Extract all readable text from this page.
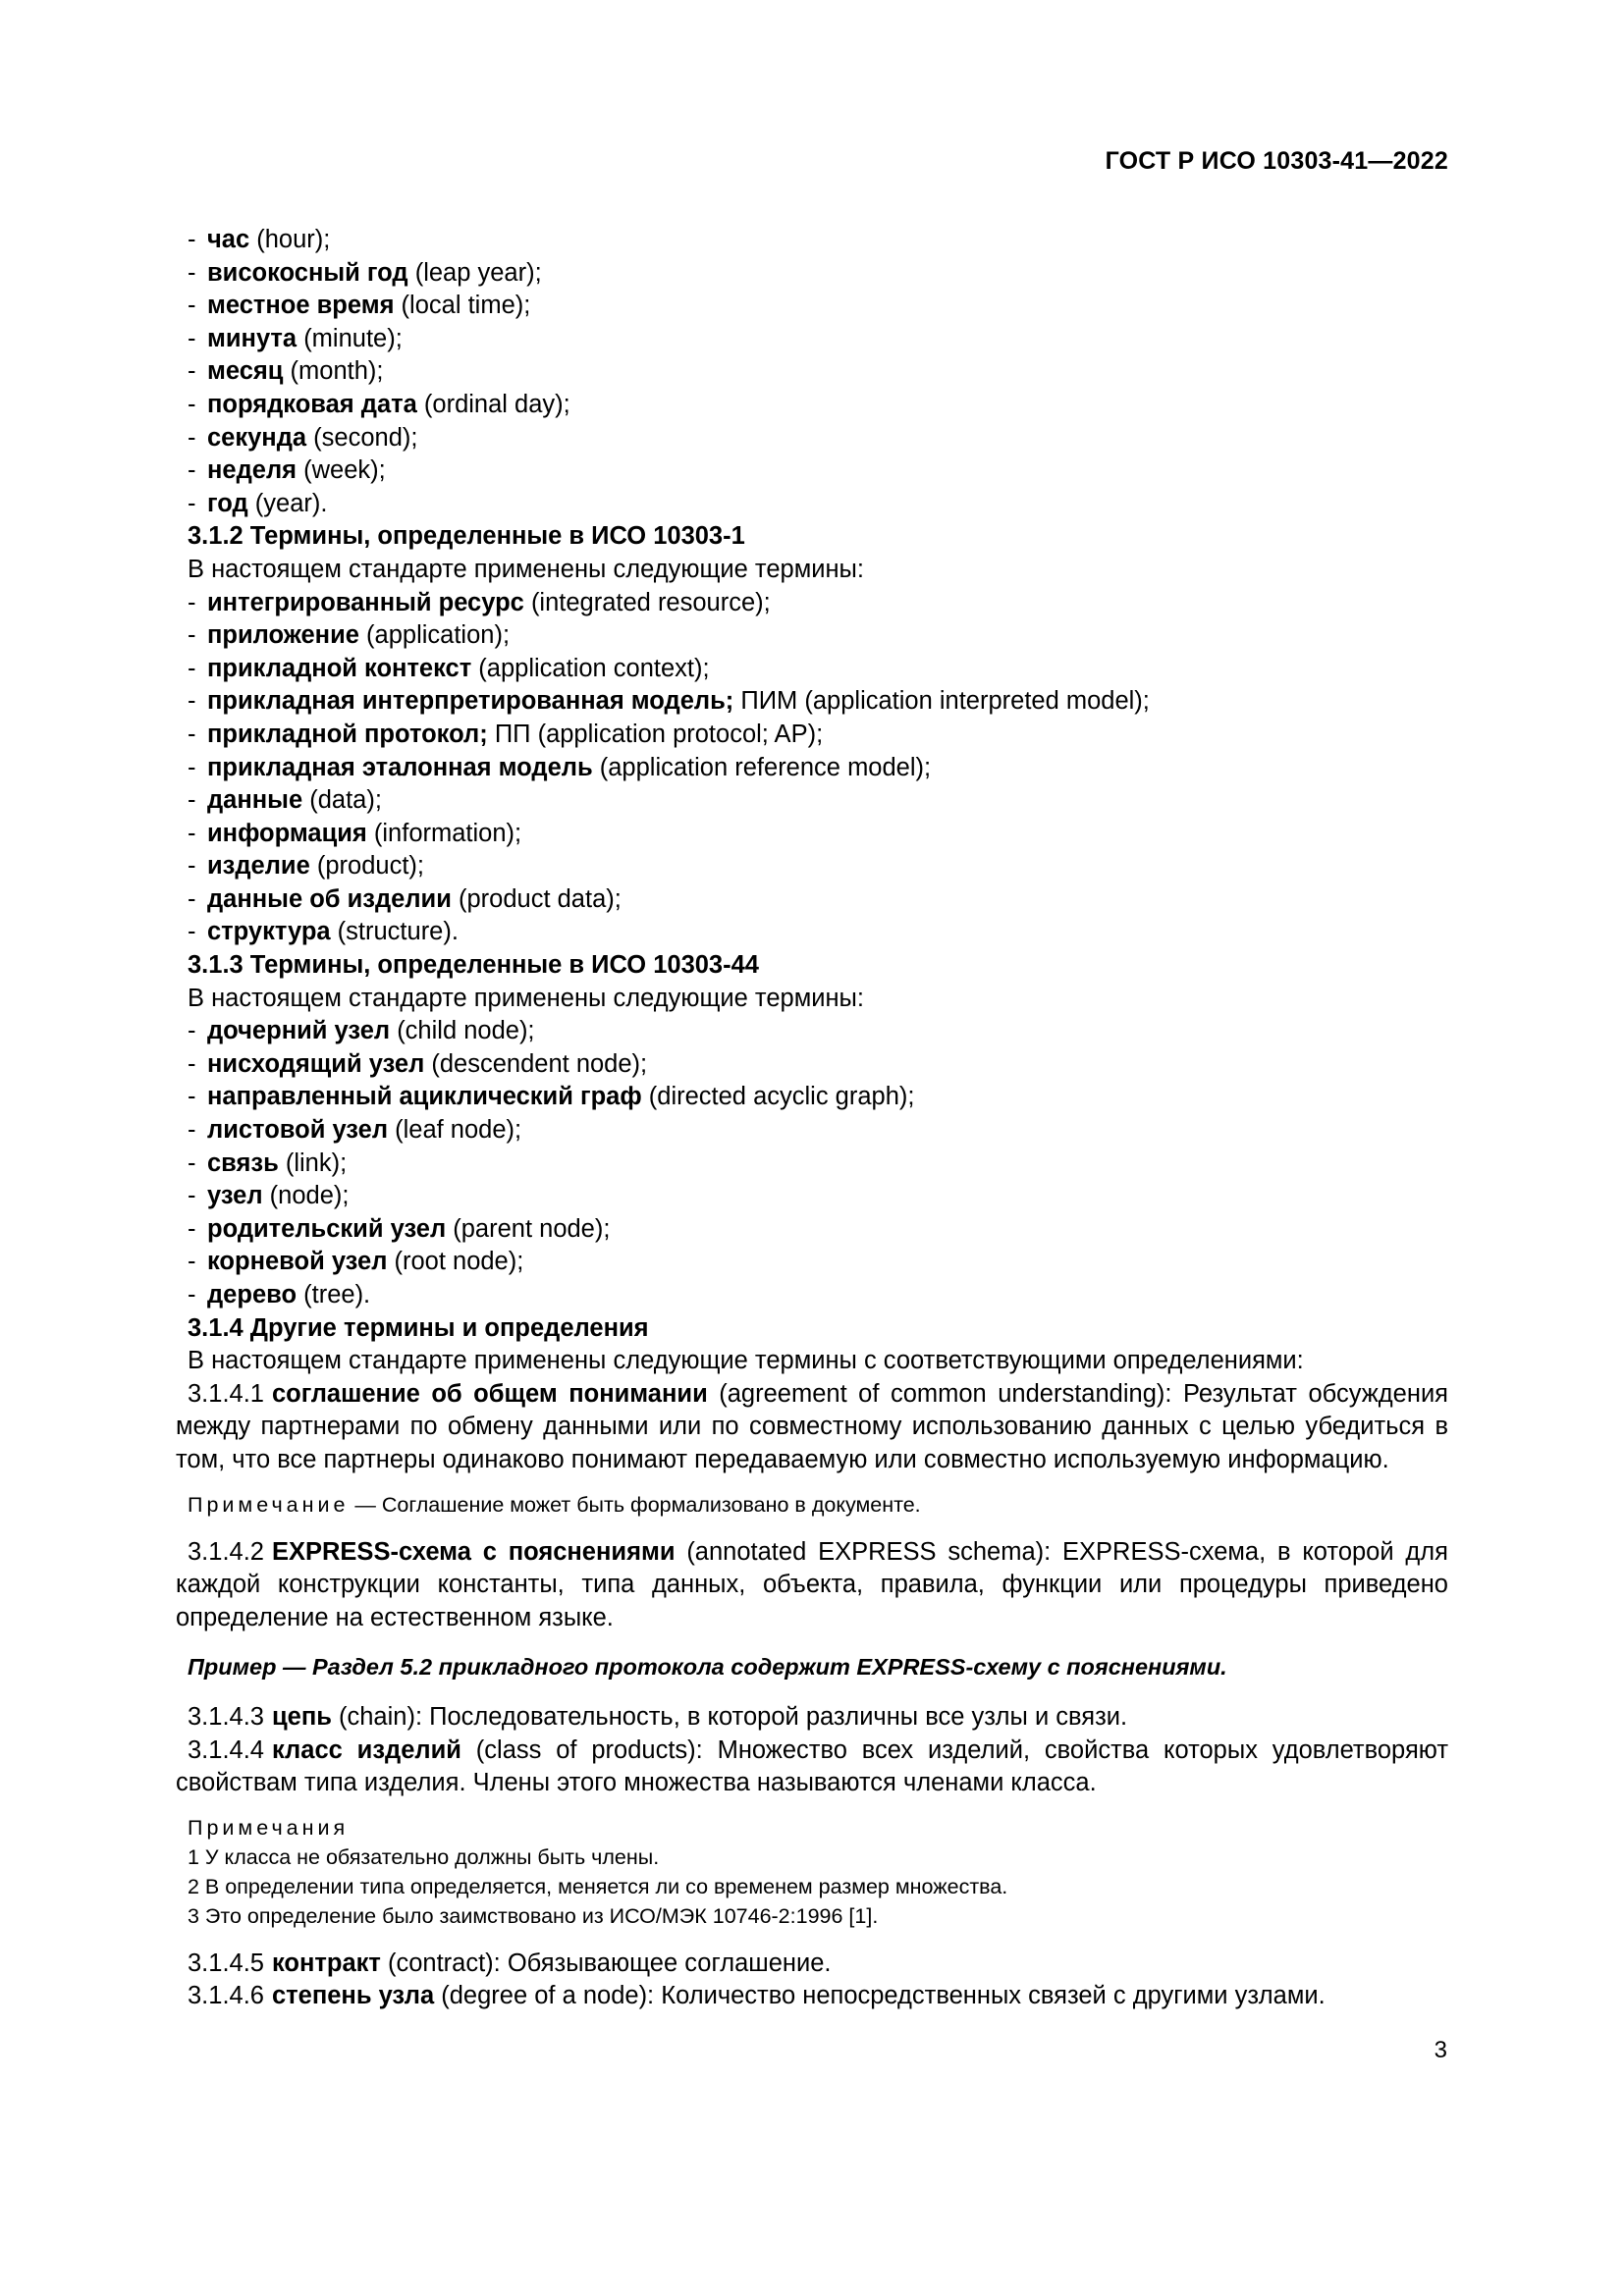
ГОСТ Р ИСО 10303-41—2022
- час (hour);
- високосный год (leap year);
- местное время (local time);
- минута (minute);
- месяц (month);
- порядковая дата (ordinal day);
- секунда (second);
- неделя (week);
- год (year).
3.1.2 Термины, определенные в ИСО 10303-1
В настоящем стандарте применены следующие термины:
- интегрированный ресурс (integrated resource);
- приложение (application);
- прикладной контекст (application context);
- прикладная интерпретированная модель; ПИМ (application interpreted model);
- прикладной протокол; ПП (application protocol; AP);
- прикладная эталонная модель (application reference model);
- данные (data);
- информация (information);
- изделие (product);
- данные об изделии (product data);
- структура (structure).
3.1.3 Термины, определенные в ИСО 10303-44
В настоящем стандарте применены следующие термины:
- дочерний узел (child node);
- нисходящий узел (descendent node);
- направленный ациклический граф (directed acyclic graph);
- листовой узел (leaf node);
- связь (link);
- узел (node);
- родительский узел (parent node);
- корневой узел (root node);
- дерево (tree).
3.1.4 Другие термины и определения
В настоящем стандарте применены следующие термины с соответствующими определениями:
3.1.4.1 соглашение об общем понимании (agreement of common understanding): Результат обсуждения между партнерами по обмену данными или по совместному использованию данных с целью убедиться в том, что все партнеры одинаково понимают передаваемую или совместно используемую информацию.
Примечание — Соглашение может быть формализовано в документе.
3.1.4.2 EXPRESS-схема с пояснениями (annotated EXPRESS schema): EXPRESS-схема, в которой для каждой конструкции константы, типа данных, объекта, правила, функции или процедуры приведено определение на естественном языке.
Пример — Раздел 5.2 прикладного протокола содержит EXPRESS-схему с пояснениями.
3.1.4.3 цепь (chain): Последовательность, в которой различны все узлы и связи.
3.1.4.4 класс изделий (class of products): Множество всех изделий, свойства которых удовлетворяют свойствам типа изделия. Члены этого множества называются членами класса.
Примечания
1 У класса не обязательно должны быть члены.
2 В определении типа определяется, меняется ли со временем размер множества.
3 Это определение было заимствовано из ИСО/МЭК 10746-2:1996 [1].
3.1.4.5 контракт (contract): Обязывающее соглашение.
3.1.4.6 степень узла (degree of a node): Количество непосредственных связей с другими узлами.
3
